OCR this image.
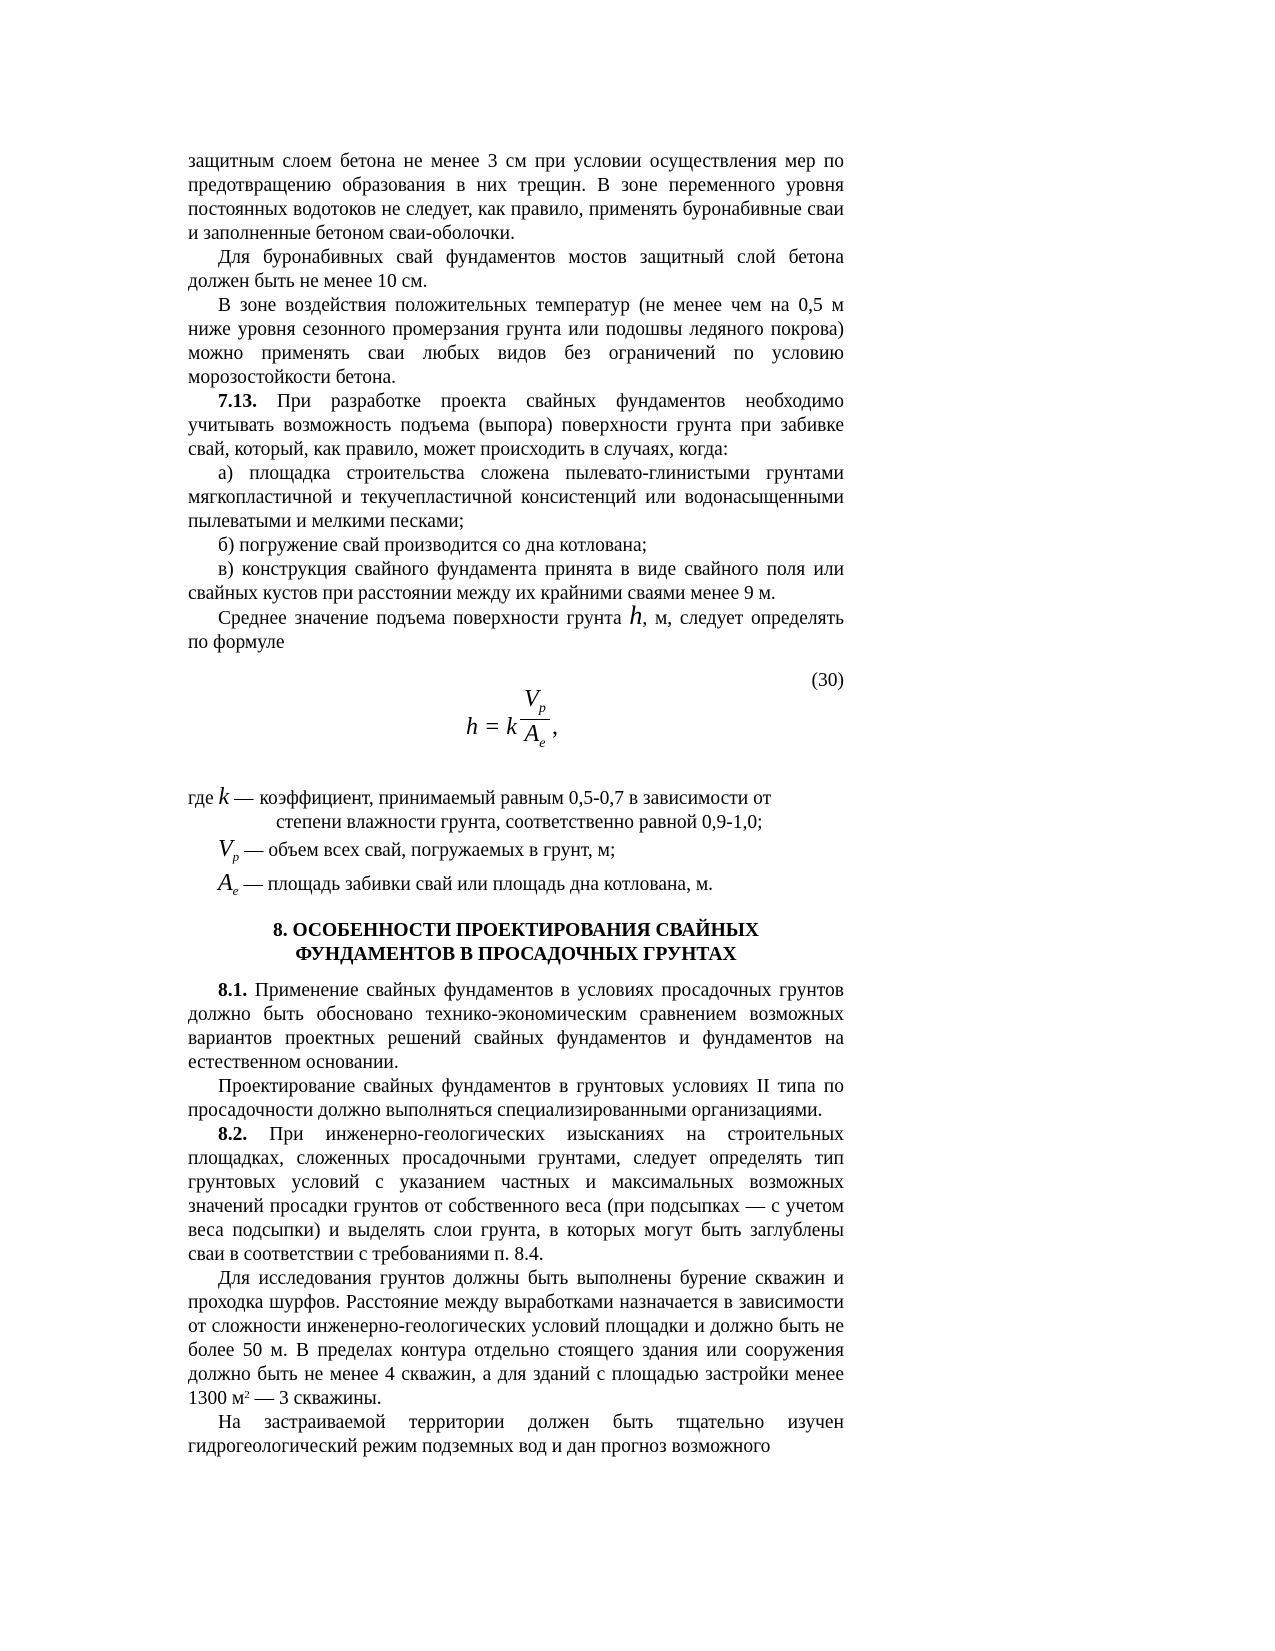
защитным слоем бетона не менее 3 см при условии осуществления мер по предотвращению образования в них трещин. В зоне переменного уровня постоянных водотоков не следует, как правило, применять буронабивные сваи и заполненные бетоном сваи-оболочки.

Для буронабивных свай фундаментов мостов защитный слой бетона должен быть не менее 10 см.

В зоне воздействия положительных температур (не менее чем на 0,5 м ниже уровня сезонного промерзания грунта или подошвы ледяного покрова) можно применять сваи любых видов без ограничений по условию морозостойкости бетона.

7.13. При разработке проекта свайных фундаментов необходимо учитывать возможность подъема (выпора) поверхности грунта при забивке свай, который, как правило, может происходить в случаях, когда:

а) площадка строительства сложена пылевато-глинистыми грунтами мягкопластичной и текучепластичной консистенций или водонасыщенными пылеватыми и мелкими песками;

б) погружение свай производится со дна котлована;

в) конструкция свайного фундамента принята в виде свайного поля или свайных кустов при расстоянии между их крайними сваями менее 9 м.

Среднее значение подъема поверхности грунта h, м, следует определять по формуле

(30)
h = k
$V_p$
$A_e$
,
где k — коэффициент, принимаемый равным 0,5-0,7 в зависимости от
степени влажности грунта, соответственно равной 0,9-1,0;
$V_p$ — объем всех свай, погружаемых в грунт, м;
$A_e$ — площадь забивки свай или площадь дна котлована, м.
8. ОСОБЕННОСТИ ПРОЕКТИРОВАНИЯ СВАЙНЫХ
ФУНДАМЕНТОВ В ПРОСАДОЧНЫХ ГРУНТАХ

8.1. Применение свайных фундаментов в условиях просадочных грунтов должно быть обосновано технико-экономическим сравнением возможных вариантов проектных решений свайных фундаментов и фундаментов на естественном основании.

Проектирование свайных фундаментов в грунтовых условиях II типа по просадочности должно выполняться специализированными организациями.

8.2. При инженерно-геологических изысканиях на строительных площадках, сложенных просадочными грунтами, следует определять тип грунтовых условий с указанием частных и максимальных возможных значений просадки грунтов от собственного веса (при подсыпках — с учетом веса подсыпки) и выделять слои грунта, в которых могут быть заглублены сваи в соответствии с требованиями п. 8.4.

Для исследования грунтов должны быть выполнены бурение скважин и проходка шурфов. Расстояние между выработками назначается в зависимости от сложности инженерно-геологических условий площадки и должно быть не более 50 м. В пределах контура отдельно стоящего здания или сооружения должно быть не менее 4 скважин, а для зданий с площадью застройки менее 1300 $м^2$ — 3 скважины.

На застраиваемой территории должен быть тщательно изучен гидрогеологический режим подземных вод и дан прогноз возможного
